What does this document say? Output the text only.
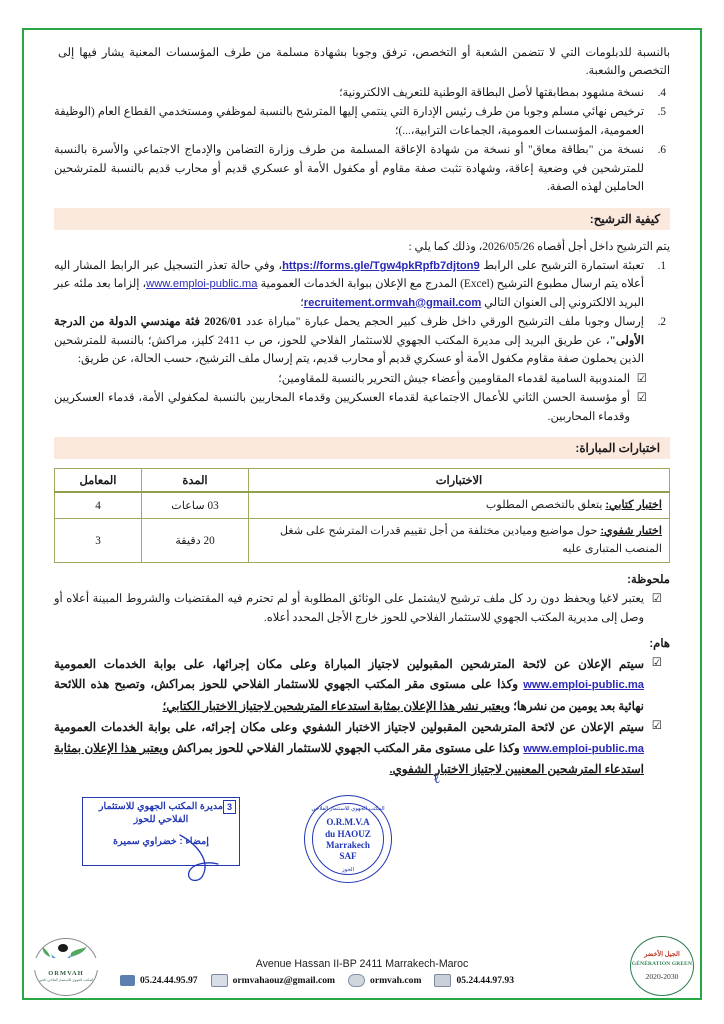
بالنسبة للدبلومات التي لا تتضمن الشعبة أو التخصص، ترفق وجوبا بشهادة مسلمة من طرف المؤسسات المعنية يشار فيها إلى التخصص والشعبة.

نسخة مشهود بمطابقتها لأصل البطاقة الوطنية للتعريف الالكترونية؛
ترخيص نهائي مسلم وجوبا من طرف رئيس الإدارة التي ينتمي إليها المترشح بالنسبة لموظفي ومستخدمي القطاع العام (الوظيفة العمومية، المؤسسات العمومية، الجماعات الترابية،...)؛
نسخة من "بطاقة معاق" أو نسخة من شهادة الإعاقة المسلمة من طرف وزارة التضامن والإدماج الاجتماعي والأسرة بالنسبة للمترشحين في وضعية إعاقة، وشهادة تثبت صفة مقاوم أو مكفول الأمة أو عسكري قديم أو محارب قديم بالنسبة للمترشحين الحاملين لهذه الصفة.
كيفية الترشيح:

يتم الترشيح داخل أجل أقصاه 2026/05/26، وذلك كما يلي :

تعبئة استمارة الترشيح على الرابط https://forms.gle/Tgw4pkRpfb7djton9، وفي حالة تعذر التسجيل عبر الرابط المشار اليه أعلاه يتم ارسال مطبوع الترشيح (Excel) المدرج مع الإعلان ببوابة الخدمات العمومية www.emploi-public.ma، إلزاما بعد ملئه عبر البريد الالكتروني إلى العنوان التالي recruitement.ormvah@gmail.com؛
إرسال وجوبا ملف الترشيح الورقي داخل ظرف كبير الحجم يحمل عبارة "مباراة عدد 2026/01 فئة مهندسي الدولة من الدرجة الأولى"، عن طريق البريد إلى مديرة المكتب الجهوي للاستثمار الفلاحي للحوز، ص ب 2411 كليز، مراكش؛ بالنسبة للمترشحين الذين يحملون صفة مقاوم مكفول الأمة أو عسكري قديم أو محارب قديم، يتم إرسال ملف الترشيح، حسب الحالة، عن طريق:
☑ المندوبية السامية لقدماء المقاومين وأعضاء جيش التحرير بالنسبة للمقاومين؛
☑ أو مؤسسة الحسن الثاني للأعمال الاجتماعية لقدماء العسكريين وقدماء المحاربين بالنسبة لمكفولي الأمة، قدماء العسكريين وقدماء المحاربين.
اختبارات المباراة:
الاختبارات	المدة	المعامل
اختبار كتابي: يتعلق بالتخصص المطلوب	03 ساعات	4
اختبار شفوي: حول مواضيع وميادين مختلفة من أجل تقييم قدرات المترشح على شغل المنصب المتبارى عليه	20 دقيقة	3
ملحوظة:
☑ يعتبر لاغيا ويحفظ دون رد كل ملف ترشيح لايشتمل على الوثائق المطلوبة أو لم تحترم فيه المقتضيات والشروط المبينة أعلاه أو وصل إلى مديرية المكتب الجهوي للاستثمار الفلاحي للحوز خارج الأجل المحدد أعلاه.
هام:
☑ سيتم الإعلان عن لائحة المترشحين المقبولين لاجتياز المباراة وعلى مكان إجرائها، على بوابة الخدمات العمومية www.emploi-public.ma وكذا على مستوى مقر المكتب الجهوي للاستثمار الفلاحي للحوز بمراكش، وتصبح هذه اللائحة نهائية بعد يومين من نشرها؛ ويعتبر نشر هذا الإعلان بمثابة استدعاء المترشحين لاجتياز الاختبار الكتابي؛
☑ سيتم الإعلان عن لائحة المترشحين المقبولين لاجتياز الاختبار الشفوي وعلى مكان إجرائه، على بوابة الخدمات العمومية www.emploi-public.ma وكذا على مستوى مقر المكتب الجهوي للاستثمار الفلاحي للحوز بمراكش ويعتبر هذا الإعلان بمثابة استدعاء المترشحين المعنيين لاجتياز الاختبار الشفوي.
ℓ
3
مديرة المكتب الجهوي للاستثمار
الفلاحي للحوز
إمضاء : خضراوي سميرة
المكتب الجهوي للاستثمار الفلاحي
O.R.M.V.A
du HAOUZ
Marrakech
SAF
الحوز
ORMVAH
المكتب الجهوي للاستثمار الفلاحي للحوز
Avenue Hassan II-BP 2411 Marrakech-Maroc
05.24.44.95.97	ormvahaouz@gmail.com	ormvah.com	05.24.44.97.93
الجيل الأخضر
GÉNÉRATION GREEN
2020-2030
